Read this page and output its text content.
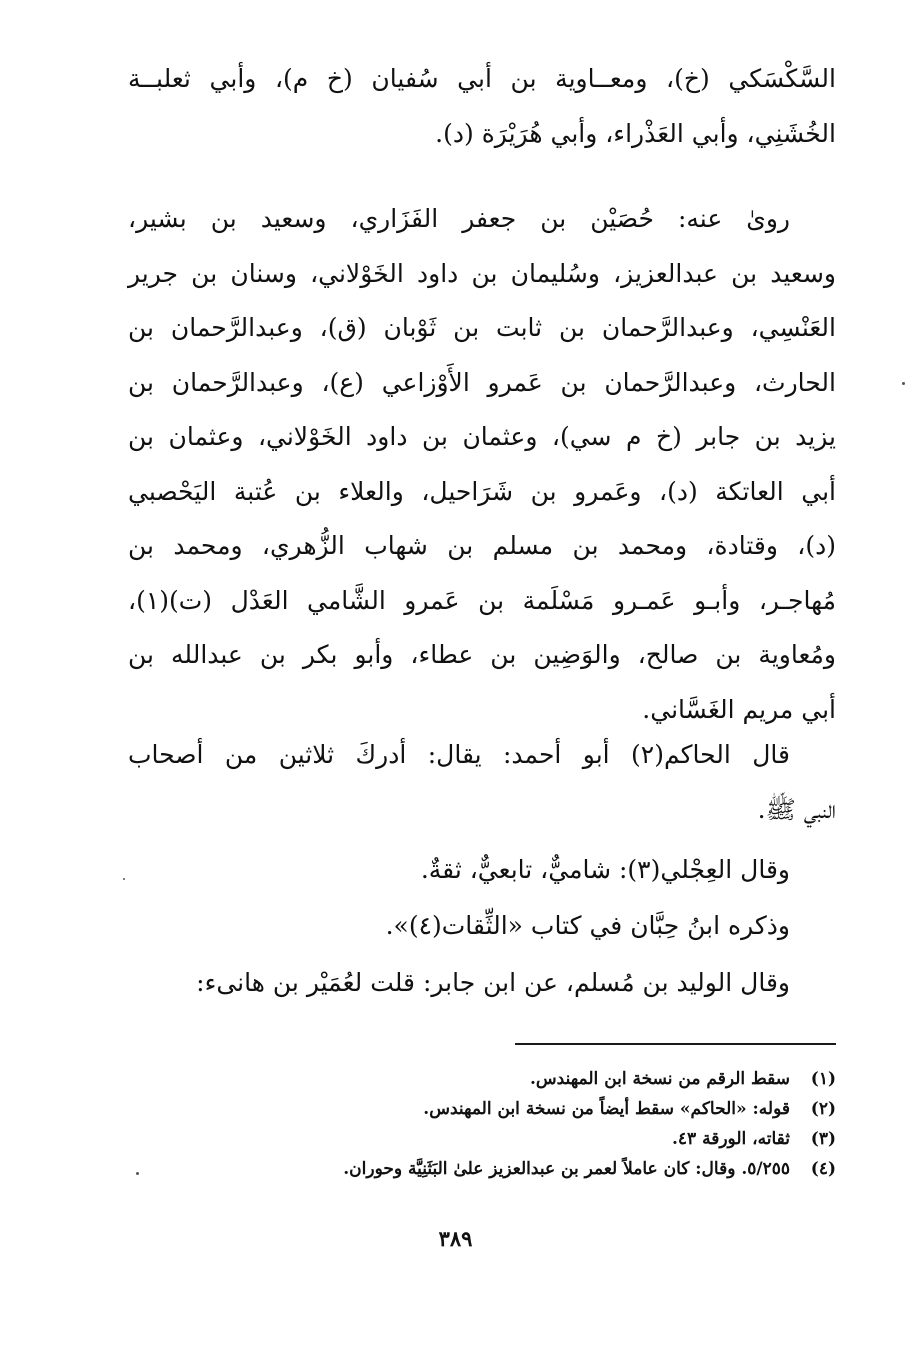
السَّكْسَكي (خ)، ومعــاوية بن أبي سُفيان (خ م)، وأبي ثعلبــة
الخُشَنِي، وأبي العَذْراء، وأبي هُرَيْرَة (د).
روىٰ عنه: حُصَيْن بن جعفر الفَزَاري، وسعيد بن بشير،
وسعيد بن عبدالعزيز، وسُليمان بن داود الخَوْلاني، وسنان بن جرير
العَنْسِي، وعبدالرَّحمان بن ثابت بن ثَوْبان (ق)، وعبدالرَّحمان بن
الحارث، وعبدالرَّحمان بن عَمرو الأَوْزاعي (ع)، وعبدالرَّحمان بن
يزيد بن جابر (خ م سي)، وعثمان بن داود الخَوْلاني، وعثمان بن
أبي العاتكة (د)، وعَمرو بن شَرَاحيل، والعلاء بن عُتبة اليَحْصبي
(د)، وقتادة، ومحمد بن مسلم بن شهاب الزُّهري، ومحمد بن
مُهاجـر، وأبـو عَمـرو مَسْلَمة بن عَمرو الشَّامي العَدْل (ت)(١)،
ومُعاوية بن صالح، والوَضِين بن عطاء، وأبو بكر بن عبدالله بن
أبي مريم الغَسَّاني.
قال الحاكم(٢) أبو أحمد: يقال: أدركَ ثلاثين من أصحاب
النبي ﷺ.
وقال العِجْلي(٣): شاميٌّ، تابعيٌّ، ثقةٌ.
وذكره ابنُ حِبَّان في كتاب «الثِّقات(٤)».
وقال الوليد بن مُسلم، عن ابن جابر: قلت لعُمَيْر بن هانىء:
(١)
سقط الرقم من نسخة ابن المهندس.
(٢)
قوله: «الحاكم» سقط أيضاً من نسخة ابن المهندس.
(٣)
ثقاته، الورقة ٤٣.
(٤)
٥/٢٥٥. وقال: كان عاملاً لعمر بن عبدالعزيز علىٰ البَثَنِيَّة وحوران.
٣٨٩
